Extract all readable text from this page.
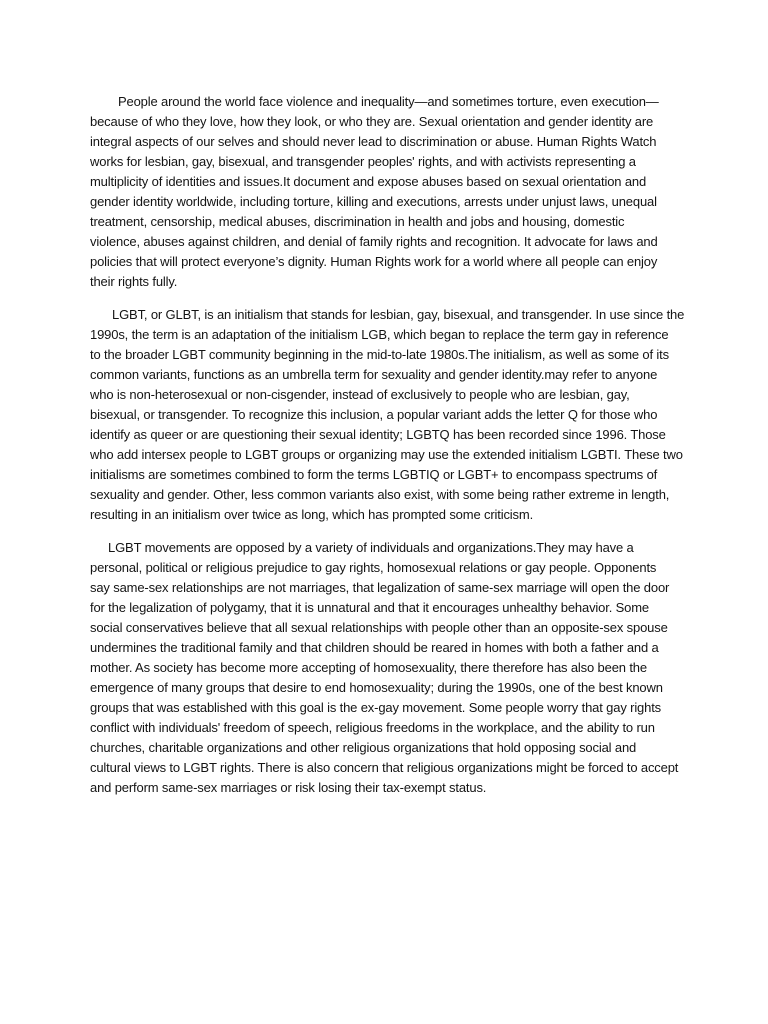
People around the world face violence and inequality—and sometimes torture, even execution—
because of who they love, how they look, or who they are. Sexual orientation and gender identity are
integral aspects of our selves and should never lead to discrimination or abuse. Human Rights Watch
works for lesbian, gay, bisexual, and transgender peoples' rights, and with activists representing a
multiplicity of identities and issues.It document and expose abuses based on sexual orientation and
gender identity worldwide, including torture, killing and executions, arrests under unjust laws, unequal
treatment, censorship, medical abuses, discrimination in health and jobs and housing, domestic
violence, abuses against children, and denial of family rights and recognition. It advocate for laws and
policies that will protect everyone’s dignity. Human Rights work for a world where all people can enjoy
their rights fully.

LGBT, or GLBT, is an initialism that stands for lesbian, gay, bisexual, and transgender. In use since the
1990s, the term is an adaptation of the initialism LGB, which began to replace the term gay in reference
to the broader LGBT community beginning in the mid-to-late 1980s.The initialism, as well as some of its
common variants, functions as an umbrella term for sexuality and gender identity.may refer to anyone
who is non-heterosexual or non-cisgender, instead of exclusively to people who are lesbian, gay,
bisexual, or transgender. To recognize this inclusion, a popular variant adds the letter Q for those who
identify as queer or are questioning their sexual identity; LGBTQ has been recorded since 1996. Those
who add intersex people to LGBT groups or organizing may use the extended initialism LGBTI. These two
initialisms are sometimes combined to form the terms LGBTIQ or LGBT+ to encompass spectrums of
sexuality and gender. Other, less common variants also exist, with some being rather extreme in length,
resulting in an initialism over twice as long, which has prompted some criticism.

LGBT movements are opposed by a variety of individuals and organizations.They may have a
personal, political or religious prejudice to gay rights, homosexual relations or gay people. Opponents
say same-sex relationships are not marriages, that legalization of same-sex marriage will open the door
for the legalization of polygamy, that it is unnatural and that it encourages unhealthy behavior. Some
social conservatives believe that all sexual relationships with people other than an opposite-sex spouse
undermines the traditional family and that children should be reared in homes with both a father and a
mother. As society has become more accepting of homosexuality, there therefore has also been the
emergence of many groups that desire to end homosexuality; during the 1990s, one of the best known
groups that was established with this goal is the ex-gay movement. Some people worry that gay rights
conflict with individuals' freedom of speech, religious freedoms in the workplace, and the ability to run
churches, charitable organizations and other religious organizations that hold opposing social and
cultural views to LGBT rights. There is also concern that religious organizations might be forced to accept
and perform same-sex marriages or risk losing their tax-exempt status.
